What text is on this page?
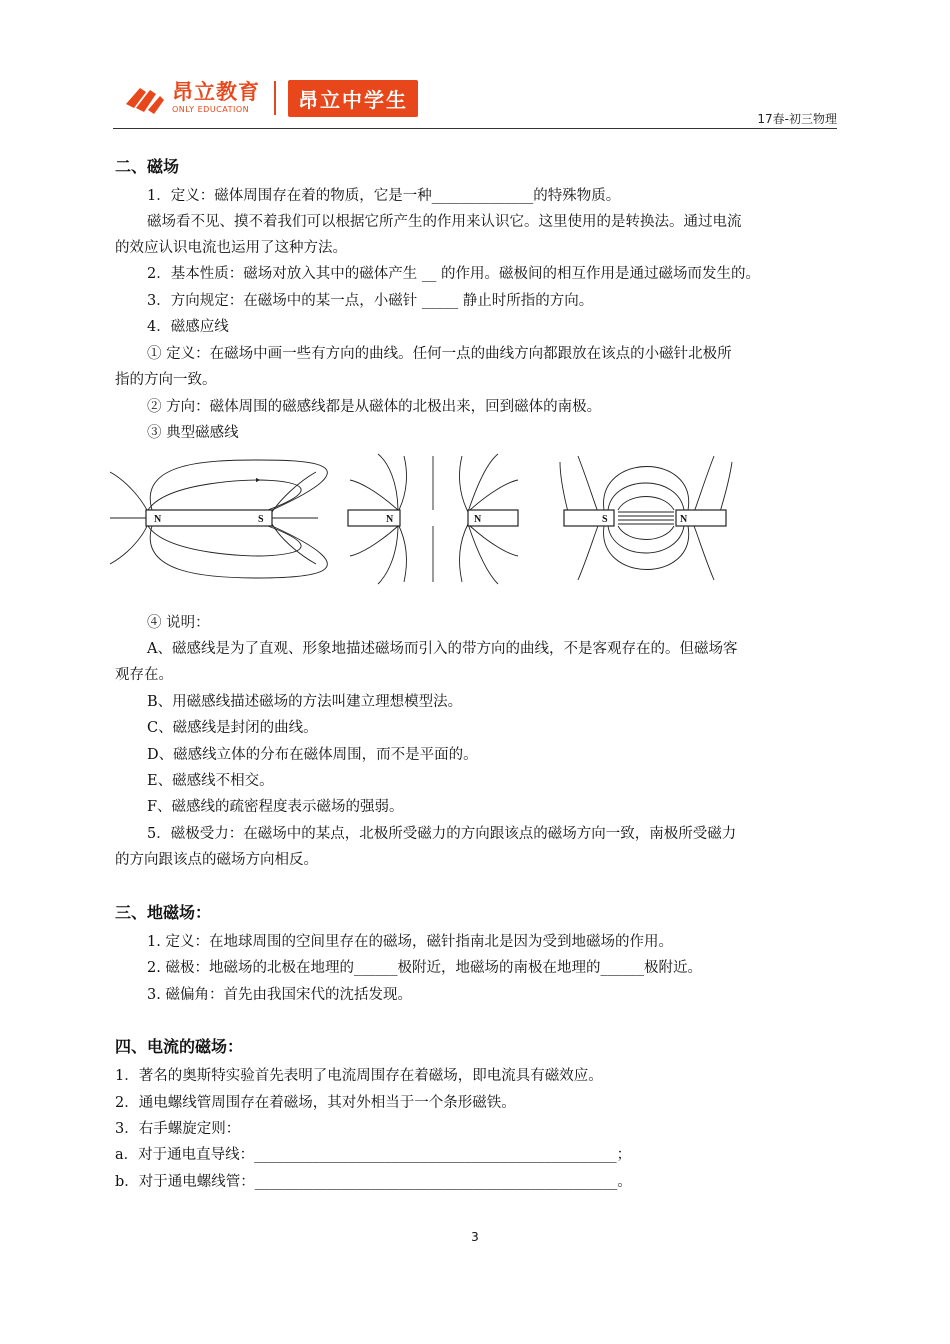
昂立教育
ONLY EDUCATION	昂立中学生
17春-初三物理
二、磁场
1．定义：磁体周围存在着的物质，它是一种______________的特殊物质。
磁场看不见、摸不着我们可以根据它所产生的作用来认识它。这里使用的是转换法。通过电流
的效应认识电流也运用了这种方法。
2．基本性质：磁场对放入其中的磁体产生 __ 的作用。磁极间的相互作用是通过磁场而发生的。
3．方向规定：在磁场中的某一点，小磁针 _____ 静止时所指的方向。
4．磁感应线
① 定义：在磁场中画一些有方向的曲线。任何一点的曲线方向都跟放在该点的小磁针北极所
指的方向一致。
② 方向：磁体周围的磁感线都是从磁体的北极出来，回到磁体的南极。
③ 典型磁感线
N	S	N	N	S	N
④ 说明：
A、磁感线是为了直观、形象地描述磁场而引入的带方向的曲线，不是客观存在的。但磁场客
观存在。
B、用磁感线描述磁场的方法叫建立理想模型法。
C、磁感线是封闭的曲线。
D、磁感线立体的分布在磁体周围，而不是平面的。
E、磁感线不相交。
F、磁感线的疏密程度表示磁场的强弱。
5．磁极受力：在磁场中的某点，北极所受磁力的方向跟该点的磁场方向一致，南极所受磁力
的方向跟该点的磁场方向相反。
三、地磁场：
1. 定义：在地球周围的空间里存在的磁场，磁针指南北是因为受到地磁场的作用。
2. 磁极：地磁场的北极在地理的______极附近，地磁场的南极在地理的______极附近。
3. 磁偏角：首先由我国宋代的沈括发现。
四、电流的磁场：
1．著名的奥斯特实验首先表明了电流周围存在着磁场，即电流具有磁效应。
2．通电螺线管周围存在着磁场，其对外相当于一个条形磁铁。
3．右手螺旋定则：
a．对于通电直导线：__________________________________________________；
b．对于通电螺线管：__________________________________________________。
3
